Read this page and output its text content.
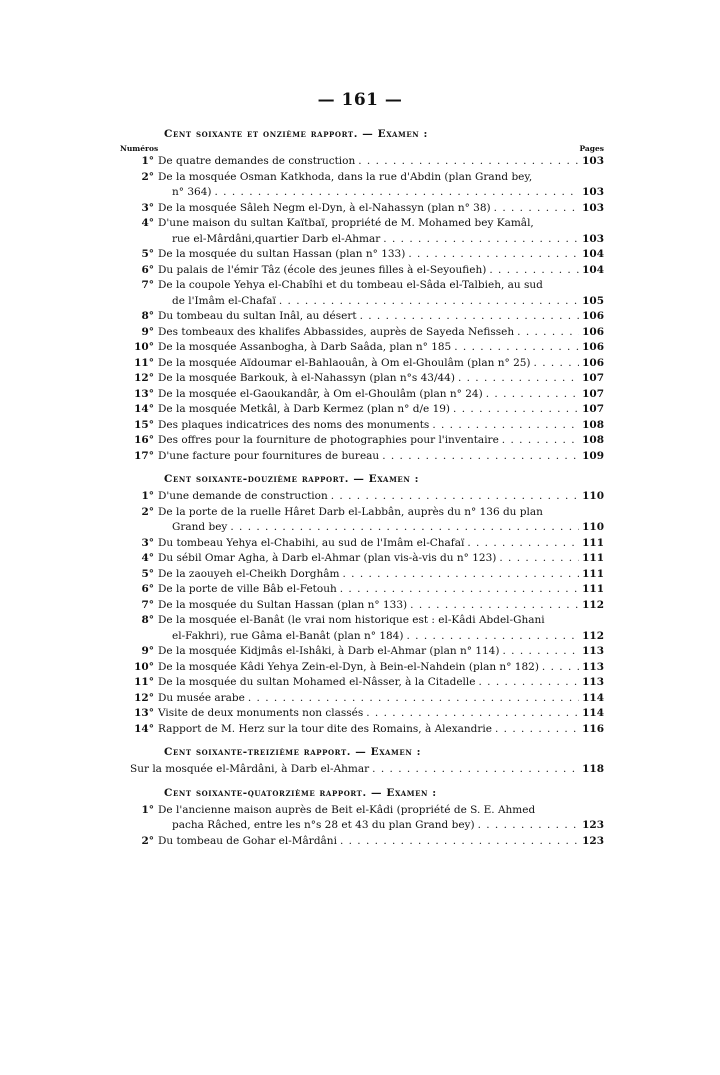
— 161 —
Cent soixante et onzième rapport. — Examen :
Numéros	Pages
1° De quatre demandes de construction . . .	103
2° De la mosquée Osman Katkhoda, dans la rue d'Abdin (plan Grand bey,
n° 364) . . .	103
3° De la mosquée Sâleh Negm el-Dyn, à el-Nahassyn (plan n° 38) . . .	103
4° D'une maison du sultan Kaïtbaï, propriété de M. Mohamed bey Kamâl,
rue el-Mârdâni,quartier Darb el-Ahmar . . .	103
5° De la mosquée du sultan Hassan (plan n° 133) . . .	104
6° Du palais de l'émir Tâz (école des jeunes filles à el-Seyoufieh) . . .	104
7° De la coupole Yehya el-Chabîhi et du tombeau el-Sâda el-Talbieh, au sud
de l'Imâm el-Chafaï . . .	105
8° Du tombeau du sultan Inâl, au désert . . .	106
9° Des tombeaux des khalifes Abbassides, auprès de Sayeda Nefisseh . . .	106
10° De la mosquée Assanbogha, à Darb Saâda, plan n° 185 . . .	106
11° De la mosquée Aïdoumar el-Bahlaouân, à Om el-Ghoulâm (plan n° 25) . . .	106
12° De la mosquée Barkouk, à el-Nahassyn (plan n°s 43/44) . . .	107
13° De la mosquée el-Gaoukandâr, à Om el-Ghoulâm (plan n° 24) . . .	107
14° De la mosquée Metkâl, à Darb Kermez (plan n° d/e 19) . . .	107
15° Des plaques indicatrices des noms des monuments . . .	108
16° Des offres pour la fourniture de photographies pour l'inventaire . . .	108
17° D'une facture pour fournitures de bureau . . .	109
Cent soixante-douzième rapport. — Examen :
1° D'une demande de construction . . .	110
2° De la porte de la ruelle Hâret Darb el-Labbân, auprès du n° 136 du plan
Grand bey . . .	110
3° Du tombeau Yehya el-Chabihi, au sud de l'Imâm el-Chafaï . . .	111
4° Du sébil Omar Agha, à Darb el-Ahmar (plan vis-à-vis du n° 123) . . .	111
5° De la zaouyeh el-Cheikh Dorghâm . . .	111
6° De la porte de ville Bâb el-Fetouh . . .	111
7° De la mosquée du Sultan Hassan (plan n° 133) . . .	112
8° De la mosquée el-Banât (le vrai nom historique est : el-Kâdi Abdel-Ghani
el-Fakhri), rue Gâma el-Banât (plan n° 184) . . .	112
9° De la mosquée Kidjmâs el-Ishâki, à Darb el-Ahmar (plan n° 114) . . .	113
10° De la mosquée Kâdi Yehya Zein-el-Dyn, à Bein-el-Nahdein (plan n° 182) . . .	113
11° De la mosquée du sultan Mohamed el-Nâsser, à la Citadelle . . .	113
12° Du musée arabe . . .	114
13° Visite de deux monuments non classés . . .	114
14° Rapport de M. Herz sur la tour dite des Romains, à Alexandrie . . .	116
Cent soixante-treizième rapport. — Examen :
Sur la mosquée el-Mârdâni, à Darb el-Ahmar . . .	118
Cent soixante-quatorzième rapport. — Examen :
1° De l'ancienne maison auprès de Beit el-Kâdi (propriété de S. E. Ahmed
pacha Râched, entre les n°s 28 et 43 du plan Grand bey) . . .	123
2° Du tombeau de Gohar el-Mârdâni . . .	123
